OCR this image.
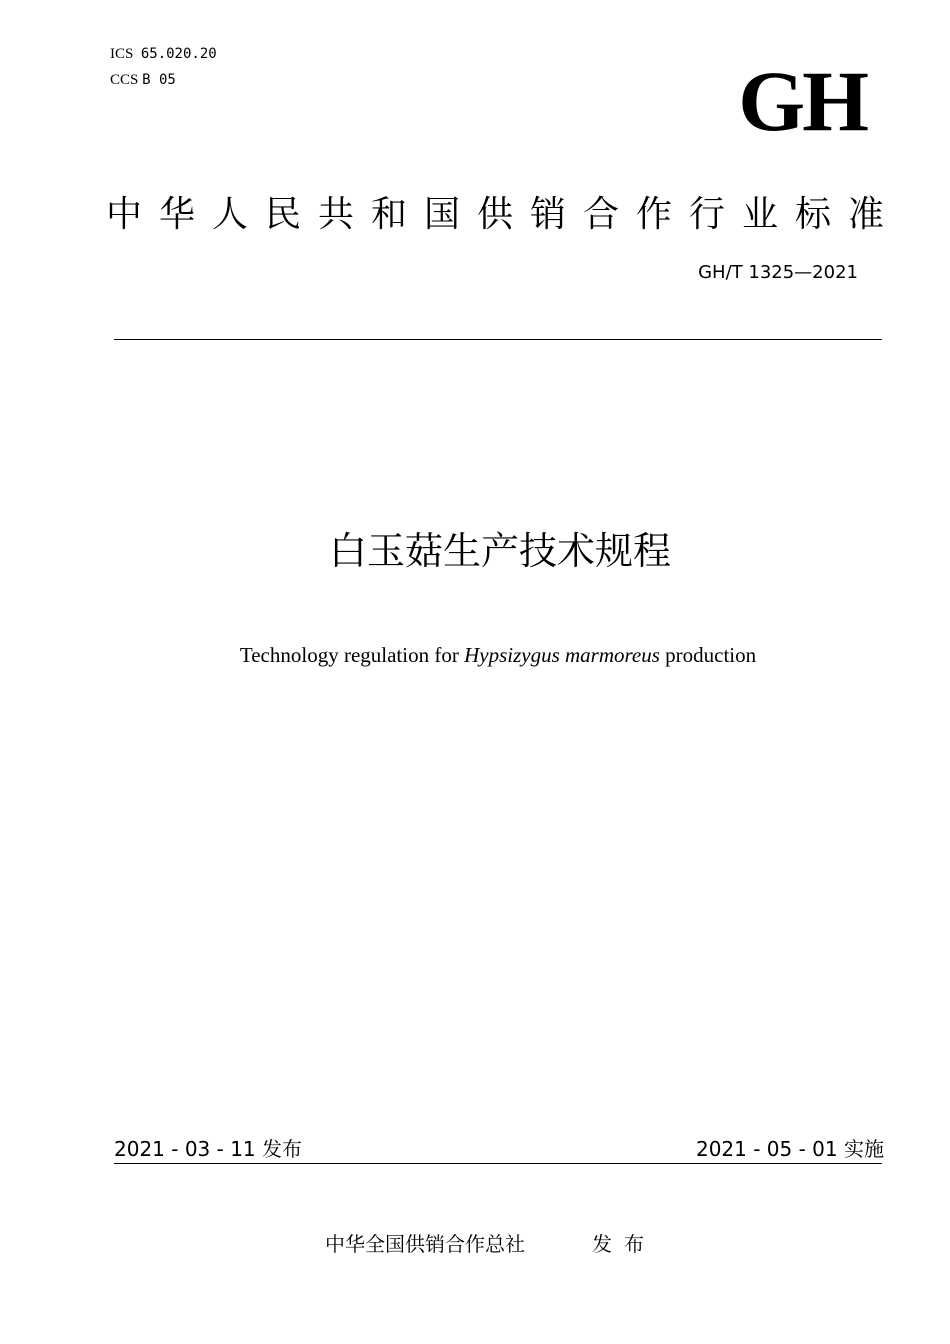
ICS 65.020.20
CCS B 05	GH
中华人民共和国供销合作行业标准
GH/T 1325—2021
白玉菇生产技术规程
Technology regulation for Hypsizygus marmoreus production
2021 - 03 - 11 发布	2021 - 05 - 01 实施
中华全国供销合作总社	发布
